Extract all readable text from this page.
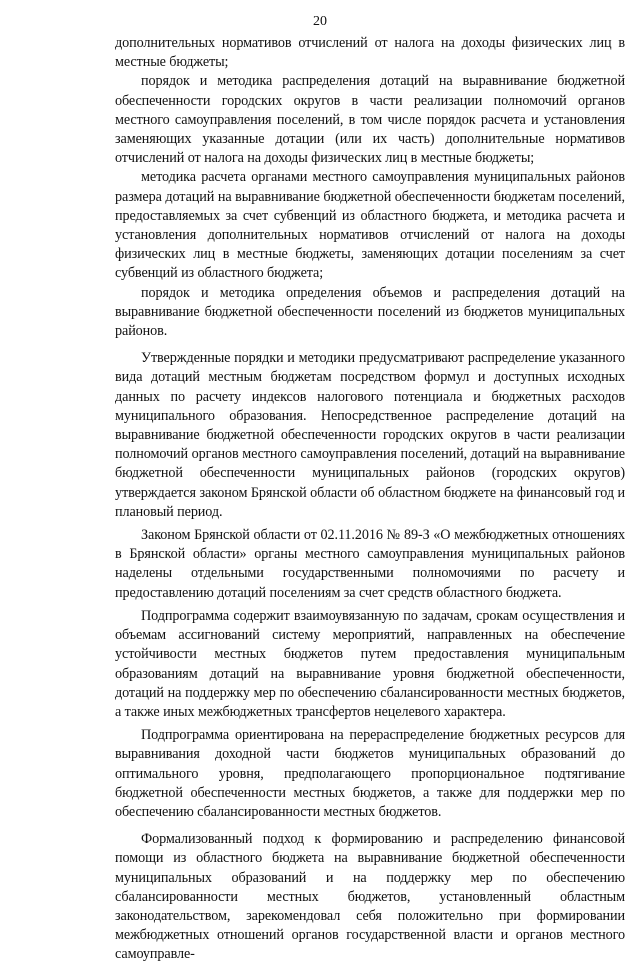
20

дополнительных нормативов отчислений от налога на доходы физических лиц в местные бюджеты;

порядок и методика распределения дотаций на выравнивание бюджетной обеспеченности городских округов в части реализации полномочий органов местного самоуправления поселений, в том числе порядок расчета и установления заменяющих указанные дотации (или их часть) дополнительные нормативов отчислений от налога на доходы физических лиц в местные бюджеты;

методика расчета органами местного самоуправления муниципальных районов размера дотаций на выравнивание бюджетной обеспеченности бюджетам поселений, предоставляемых за счет субвенций из областного бюджета, и методика расчета и установления дополнительных нормативов отчислений от налога на доходы физических лиц в местные бюджеты, заменяющих дотации поселениям за счет субвенций из областного бюджета;

порядок и методика определения объемов и распределения дотаций на выравнивание бюджетной обеспеченности поселений из бюджетов муниципальных районов.

Утвержденные порядки и методики предусматривают распределение указанного вида дотаций местным бюджетам посредством формул и доступных исходных данных по расчету индексов налогового потенциала и бюджетных расходов муниципального образования. Непосредственное распределение дотаций на выравнивание бюджетной обеспеченности городских округов в части реализации полномочий органов местного самоуправления поселений, дотаций на выравнивание бюджетной обеспеченности муниципальных районов (городских округов) утверждается законом Брянской области об областном бюджете на финансовый год и плановый период.

Законом Брянской области от 02.11.2016 № 89-З «О межбюджетных отношениях в Брянской области» органы местного самоуправления муниципальных районов наделены отдельными государственными полномочиями по расчету и предоставлению дотаций поселениям за счет средств областного бюджета.

Подпрограмма содержит взаимоувязанную по задачам, срокам осуществления и объемам ассигнований систему мероприятий, направленных на обеспечение устойчивости местных бюджетов путем предоставления муниципальным образованиям дотаций на выравнивание уровня бюджетной обеспеченности, дотаций на поддержку мер по обеспечению сбалансированности местных бюджетов, а также иных межбюджетных трансфертов нецелевого характера.

Подпрограмма ориентирована на перераспределение бюджетных ресурсов для выравнивания доходной части бюджетов муниципальных образований до оптимального уровня, предполагающего пропорциональное подтягивание бюджетной обеспеченности местных бюджетов, а также для поддержки мер по обеспечению сбалансированности местных бюджетов.

Формализованный подход к формированию и распределению финансовой помощи из областного бюджета на выравнивание бюджетной обеспеченности муниципальных образований и на поддержку мер по обеспечению сбалансированности местных бюджетов, установленный областным законодательством, зарекомендовал себя положительно при формировании межбюджетных отношений органов государственной власти и органов местного самоуправле-
